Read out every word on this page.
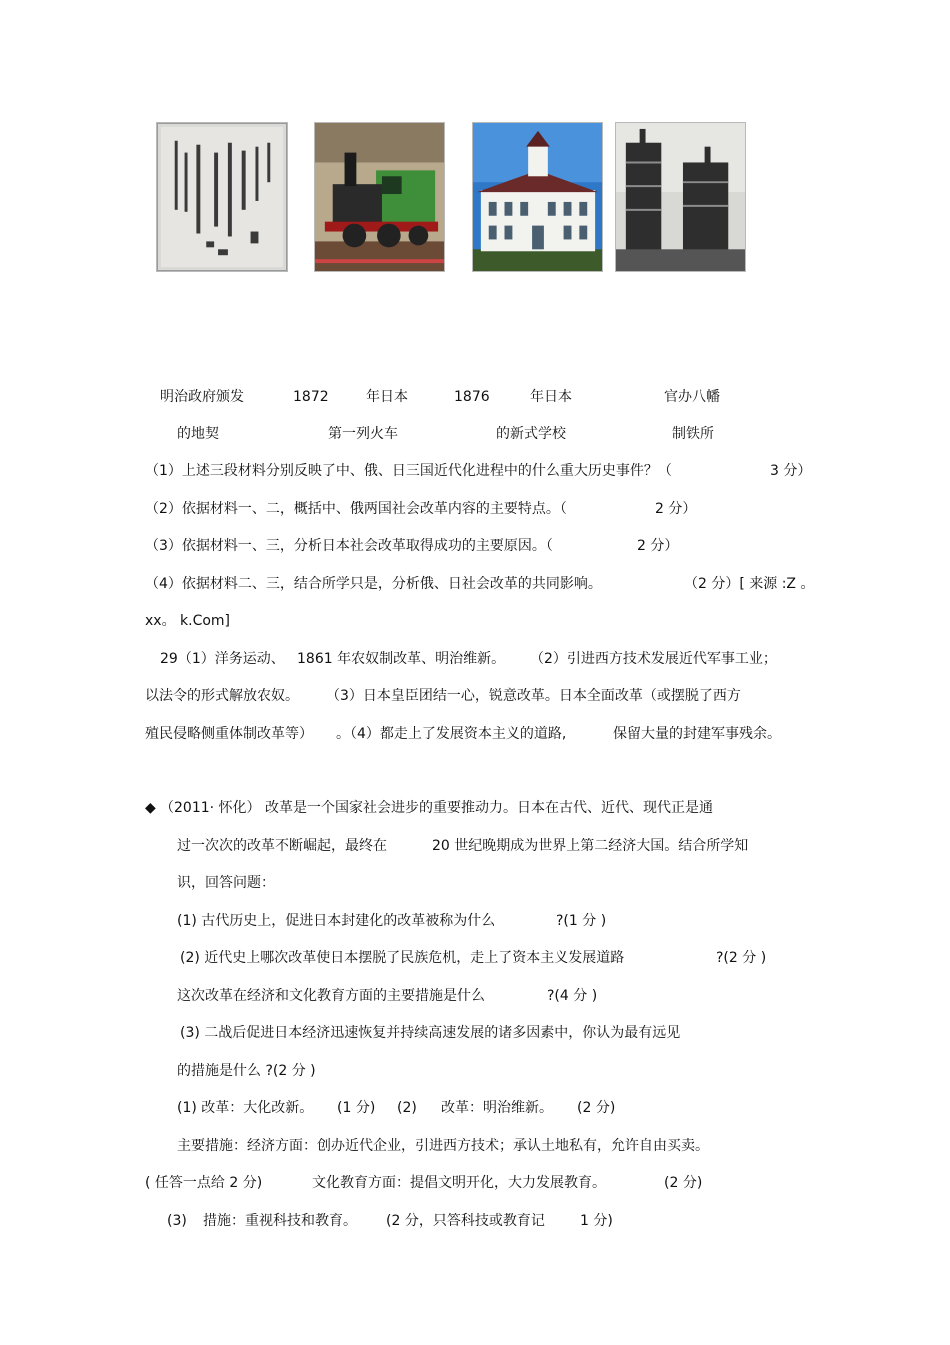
明治政府颁发	1872	年日本	1876	年日本	官办八幡
的地契	第一列火车	的新式学校	制铁所
（1）上述三段材料分别反映了中、俄、日三国近代化进程中的什么重大历史事件？（	3 分）
（2）依据材料一、二，概括中、俄两国社会改革内容的主要特点。（	2 分）
（3）依据材料一、三，分析日本社会改革取得成功的主要原因。（	2 分）
（4）依据材料二、三，结合所学只是，分析俄、日社会改革的共同影响。	（2 分）[ 来源 :Z 。
xx。 k.Com]
29（1）洋务运动、 1861 年农奴制改革、明治维新。 （2）引进西方技术发展近代军事工业；
以法令的形式解放农奴。 （3）日本皇臣团结一心，锐意改革。日本全面改革（或摆脱了西方
殖民侵略侧重体制改革等） 。（4）都走上了发展资本主义的道路,	保留大量的封建军事残余。
◆ （2011· 怀化） 改革是一个国家社会进步的重要推动力。日本在古代、近代、现代正是通
过一次次的改革不断崛起，最终在	20 世纪晚期成为世界上第二经济大国。结合所学知
识，回答问题：
(1) 古代历史上，促进日本封建化的改革被称为什么	?(1 分 )
(2) 近代史上哪次改革使日本摆脱了民族危机，走上了资本主义发展道路	?(2 分 )
这次改革在经济和文化教育方面的主要措施是什么	?(4 分 )
(3) 二战后促进日本经济迅速恢复并持续高速发展的诸多因素中，你认为最有远见
的措施是什么 ?(2 分 )
(1) 改革：大化改新。 (1 分) (2) 改革：明治维新。 (2 分)
主要措施：经济方面：创办近代企业，引进西方技术；承认土地私有，允许自由买卖。
( 任答一点给 2 分)	文化教育方面：提倡文明开化，大力发展教育。	(2 分)
(3) 措施：重视科技和教育。 (2 分，只答科技或教育记	1 分)
